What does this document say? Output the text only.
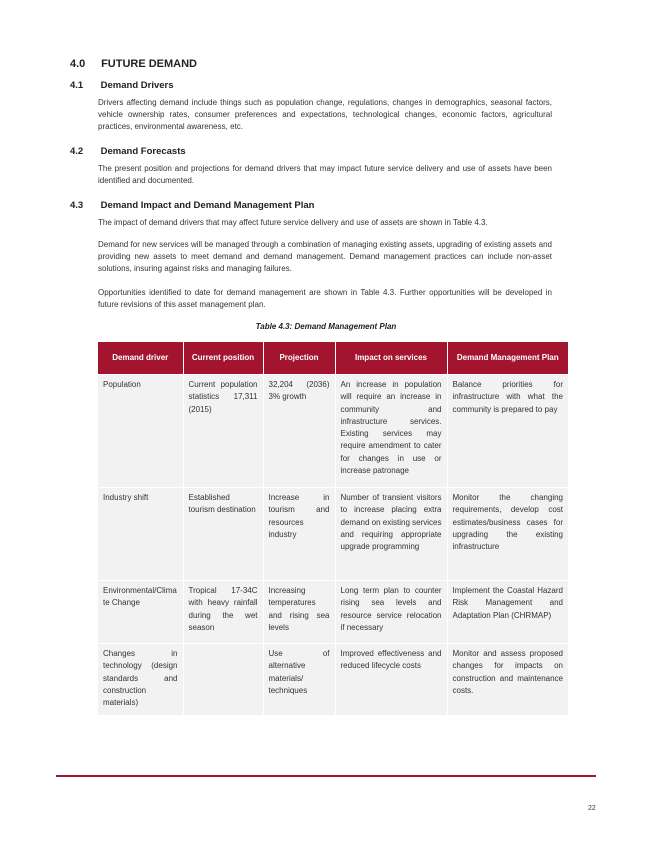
4.0 FUTURE DEMAND
4.1 Demand Drivers

Drivers affecting demand include things such as population change, regulations, changes in demographics, seasonal factors, vehicle ownership rates, consumer preferences and expectations, technological changes, economic factors, agricultural practices, environmental awareness, etc.

4.2 Demand Forecasts

The present position and projections for demand drivers that may impact future service delivery and use of assets have been identified and documented.

4.3 Demand Impact and Demand Management Plan

The impact of demand drivers that may affect future service delivery and use of assets are shown in Table 4.3.

Demand for new services will be managed through a combination of managing existing assets, upgrading of existing assets and providing new assets to meet demand and demand management. Demand management practices can include non-asset solutions, insuring against risks and managing failures.

Opportunities identified to date for demand management are shown in Table 4.3. Further opportunities will be developed in future revisions of this asset management plan.

Table 4.3: Demand Management Plan
Demand driver	Current position	Projection	Impact on services	Demand Management Plan
Population	Current population statistics 17,311 (2015)	32,204 (2036) 3% growth	An increase in population will require an increase in community and infrastructure services. Existing services may require amendment to cater for changes in use or increase patronage	Balance priorities for infrastructure with what the community is prepared to pay
Industry shift	Established tourism destination	Increase in tourism and resources industry	Number of transient visitors to increase placing extra demand on existing services and requiring appropriate upgrade programming	Monitor the changing requirements, develop cost estimates/business cases for upgrading the existing infrastructure
Environmental/Climate Change	Tropical 17-34C with heavy rainfall during the wet season	Increasing temperatures and rising sea levels	Long term plan to counter rising sea levels and resource service relocation if necessary	Implement the Coastal Hazard Risk Management and Adaptation Plan (CHRMAP)
Changes in technology (design standards and construction materials)		Use of alternative materials/ techniques	Improved effectiveness and reduced lifecycle costs	Monitor and assess proposed changes for impacts on construction and maintenance costs.
22
